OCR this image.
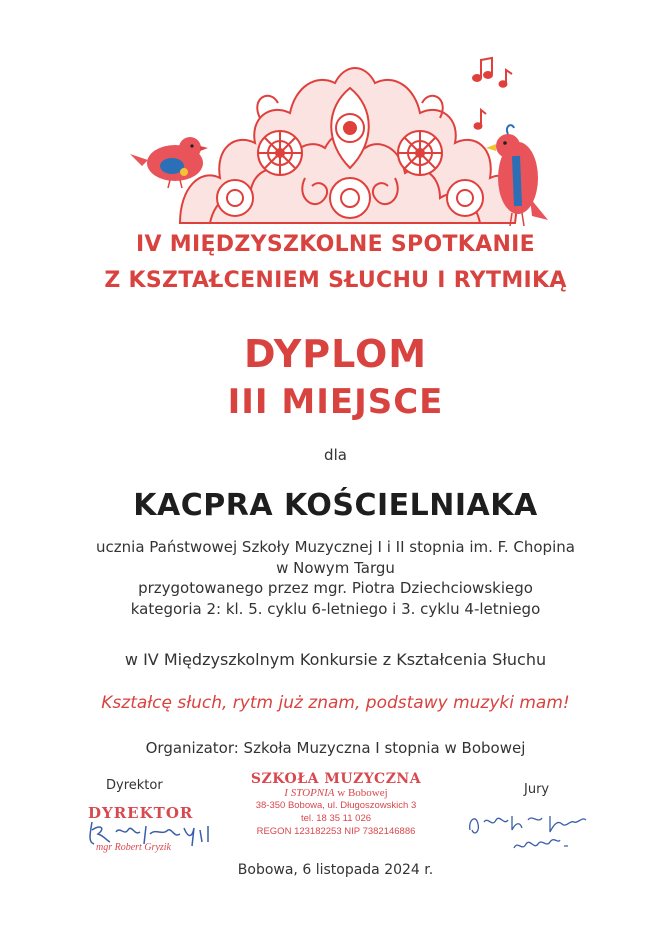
IV MIĘDZYSZKOLNE SPOTKANIE
Z KSZTAŁCENIEM SŁUCHU I RYTMIKĄ
DYPLOM
III MIEJSCE
dla
KACPRA KOŚCIELNIAKA
ucznia Państwowej Szkoły Muzycznej I i II stopnia im. F. Chopina
w Nowym Targu
przygotowanego przez mgr. Piotra Dziechciowskiego
kategoria 2: kl. 5. cyklu 6-letniego i 3. cyklu 4-letniego
w IV Międzyszkolnym Konkursie z Kształcenia Słuchu
Kształcę słuch, rytm już znam, podstawy muzyki mam!
Organizator: Szkoła Muzyczna I stopnia w Bobowej
Dyrektor	Jury
DYREKTOR
mgr Robert Gryzik
SZKOŁA MUZYCZNA
I STOPNIA w Bobowej
38-350 Bobowa, ul. Długoszowskich 3
tel. 18 35 11 026
REGON 123182253 NIP 7382146886
Bobowa, 6 listopada 2024 r.
